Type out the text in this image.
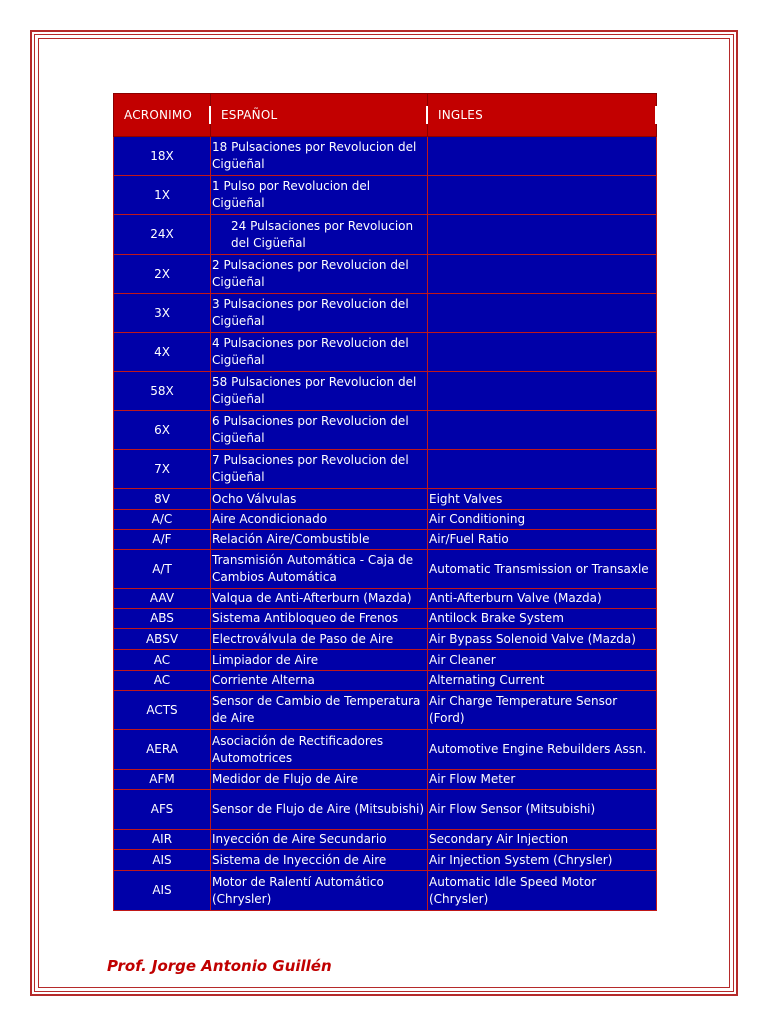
ACRONIMO	ESPAÑOL	INGLES

18X	18 Pulsaciones por Revolucion del Cigüeñal	
1X	1 Pulso por Revolucion del Cigüeñal	
24X	24 Pulsaciones por Revolucion del Cigüeñal	
2X	2 Pulsaciones por Revolucion del Cigüeñal	
3X	3 Pulsaciones por Revolucion del Cigüeñal	
4X	4 Pulsaciones por Revolucion del Cigüeñal	
58X	58 Pulsaciones por Revolucion del Cigüeñal	
6X	6 Pulsaciones por Revolucion del Cigüeñal	
7X	7 Pulsaciones por Revolucion del Cigüeñal	
8V	Ocho Válvulas	Eight Valves
A/C	Aire Acondicionado	Air Conditioning
A/F	Relación Aire/Combustible	Air/Fuel Ratio
A/T	Transmisión Automática - Caja de Cambios Automática	Automatic Transmission or Transaxle
AAV	Valqua de Anti-Afterburn (Mazda)	Anti-Afterburn Valve (Mazda)
ABS	Sistema Antibloqueo de Frenos	Antilock Brake System
ABSV	Electroválvula de Paso de Aire	Air Bypass Solenoid Valve (Mazda)
AC	Limpiador de Aire	Air Cleaner
AC	Corriente Alterna	Alternating Current
ACTS	Sensor de Cambio de Temperatura de Aire	Air Charge Temperature Sensor (Ford)
AERA	Asociación de Rectificadores Automotrices	Automotive Engine Rebuilders Assn.
AFM	Medidor de Flujo de Aire	Air Flow Meter
AFS	Sensor de Flujo de Aire (Mitsubishi)	Air Flow Sensor (Mitsubishi)
AIR	Inyección de Aire Secundario	Secondary Air Injection
AIS	Sistema de Inyección de Aire	Air Injection System (Chrysler)
AIS	Motor de Ralentí Automático (Chrysler)	Automatic Idle Speed Motor (Chrysler)
Prof. Jorge Antonio Guillén
